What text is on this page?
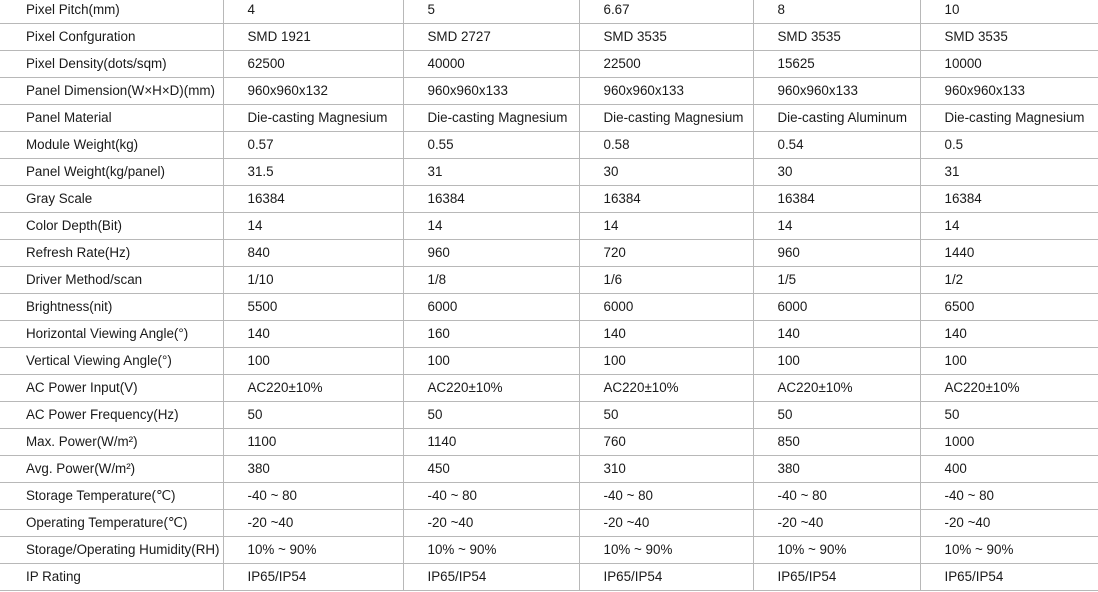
Pixel Pitch(mm)	4	5	6.67	8	10
Pixel Confguration	SMD 1921	SMD 2727	SMD 3535	SMD 3535	SMD 3535
Pixel Density(dots/sqm)	62500	40000	22500	15625	10000
Panel Dimension(W×H×D)(mm)	960x960x132	960x960x133	960x960x133	960x960x133	960x960x133
Panel Material	Die-casting Magnesium	Die-casting Magnesium	Die-casting Magnesium	Die-casting Aluminum	Die-casting Magnesium
Module Weight(kg)	0.57	0.55	0.58	0.54	0.5
Panel Weight(kg/panel)	31.5	31	30	30	31
Gray Scale	16384	16384	16384	16384	16384
Color Depth(Bit)	14	14	14	14	14
Refresh Rate(Hz)	840	960	720	960	1440
Driver Method/scan	1/10	1/8	1/6	1/5	1/2
Brightness(nit)	5500	6000	6000	6000	6500
Horizontal Viewing Angle(°)	140	160	140	140	140
Vertical Viewing Angle(°)	100	100	100	100	100
AC Power Input(V)	AC220±10%	AC220±10%	AC220±10%	AC220±10%	AC220±10%
AC Power Frequency(Hz)	50	50	50	50	50
Max. Power(W/m²)	1100	1140	760	850	1000
Avg. Power(W/m²)	380	450	310	380	400
Storage Temperature(℃)	-40 ~ 80	-40 ~ 80	-40 ~ 80	-40 ~ 80	-40 ~ 80
Operating Temperature(℃)	-20 ~40	-20 ~40	-20 ~40	-20 ~40	-20 ~40
Storage/Operating Humidity(RH)	10% ~ 90%	10% ~ 90%	10% ~ 90%	10% ~ 90%	10% ~ 90%
IP Rating	IP65/IP54	IP65/IP54	IP65/IP54	IP65/IP54	IP65/IP54
